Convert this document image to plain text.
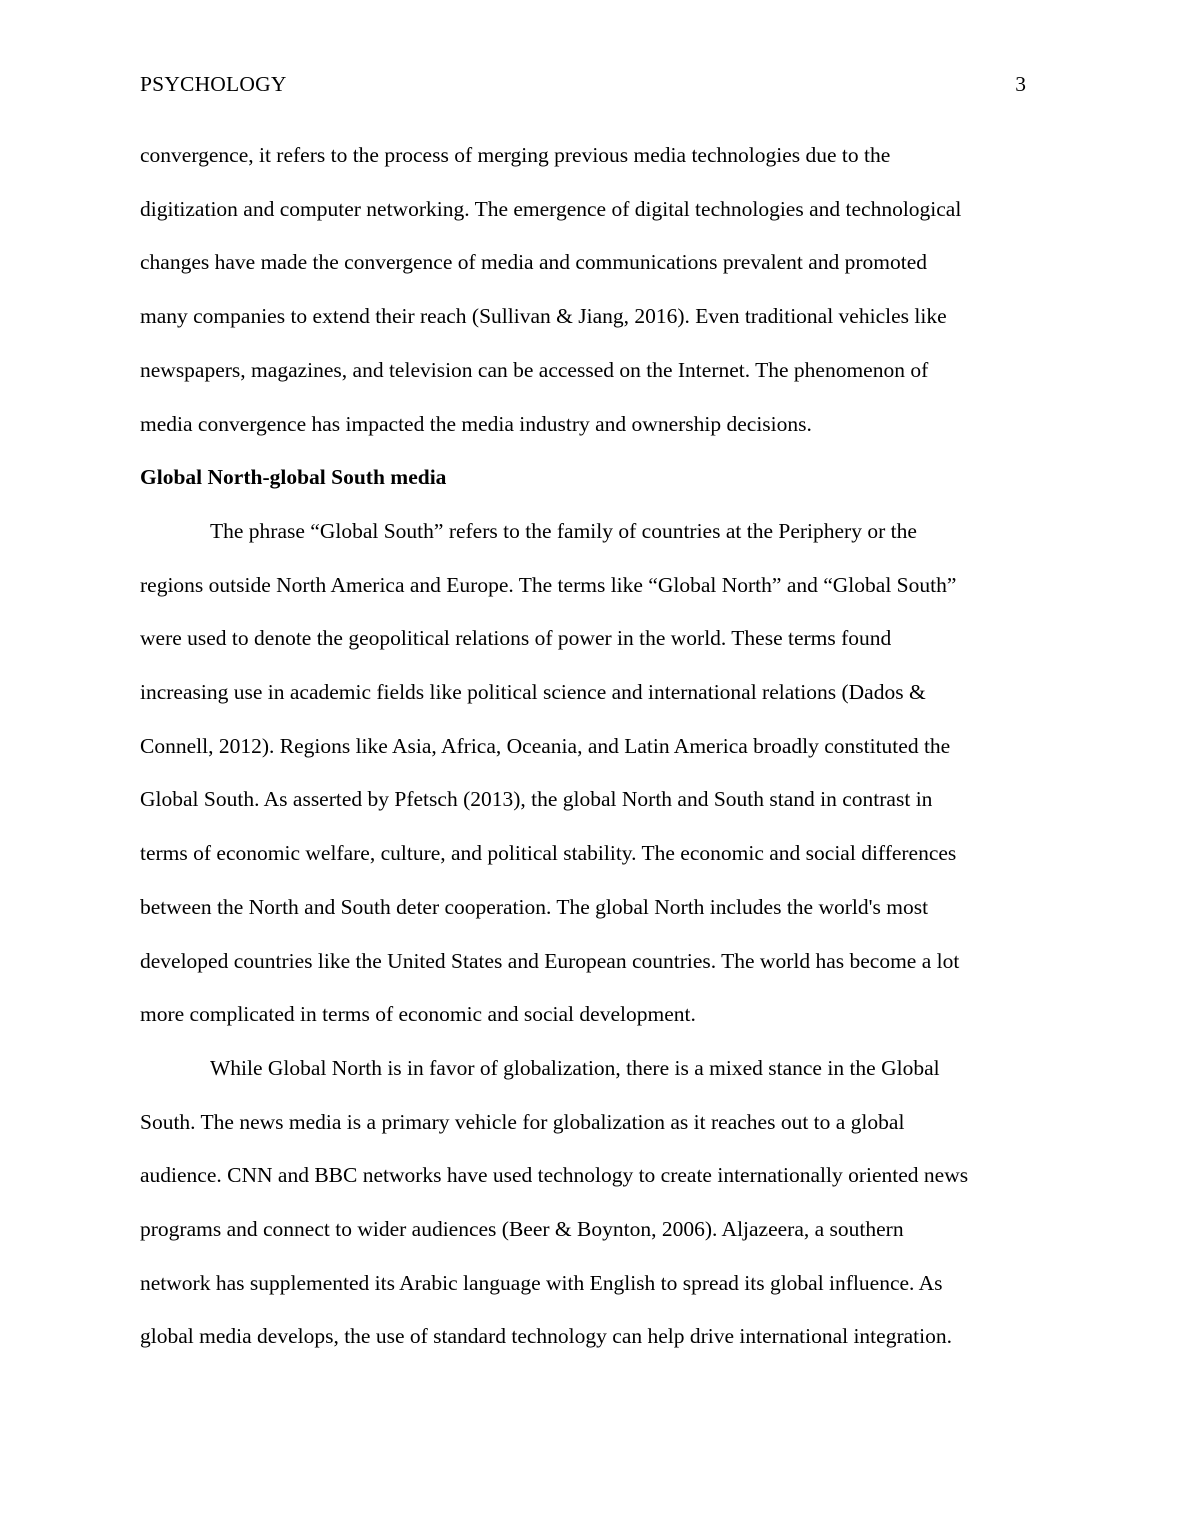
PSYCHOLOGY	3

convergence, it refers to the process of merging previous media technologies due to the
digitization and computer networking. The emergence of digital technologies and technological
changes have made the convergence of media and communications prevalent and promoted
many companies to extend their reach (Sullivan & Jiang, 2016). Even traditional vehicles like
newspapers, magazines, and television can be accessed on the Internet. The phenomenon of
media convergence has impacted the media industry and ownership decisions.

Global North-global South media

The phrase “Global South” refers to the family of countries at the Periphery or the
regions outside North America and Europe. The terms like “Global North” and “Global South”
were used to denote the geopolitical relations of power in the world. These terms found
increasing use in academic fields like political science and international relations (Dados &
Connell, 2012). Regions like Asia, Africa, Oceania, and Latin America broadly constituted the
Global South. As asserted by Pfetsch (2013), the global North and South stand in contrast in
terms of economic welfare, culture, and political stability. The economic and social differences
between the North and South deter cooperation. The global North includes the world's most
developed countries like the United States and European countries. The world has become a lot
more complicated in terms of economic and social development.

While Global North is in favor of globalization, there is a mixed stance in the Global
South. The news media is a primary vehicle for globalization as it reaches out to a global
audience. CNN and BBC networks have used technology to create internationally oriented news
programs and connect to wider audiences (Beer & Boynton, 2006). Aljazeera, a southern
network has supplemented its Arabic language with English to spread its global influence. As
global media develops, the use of standard technology can help drive international integration.
